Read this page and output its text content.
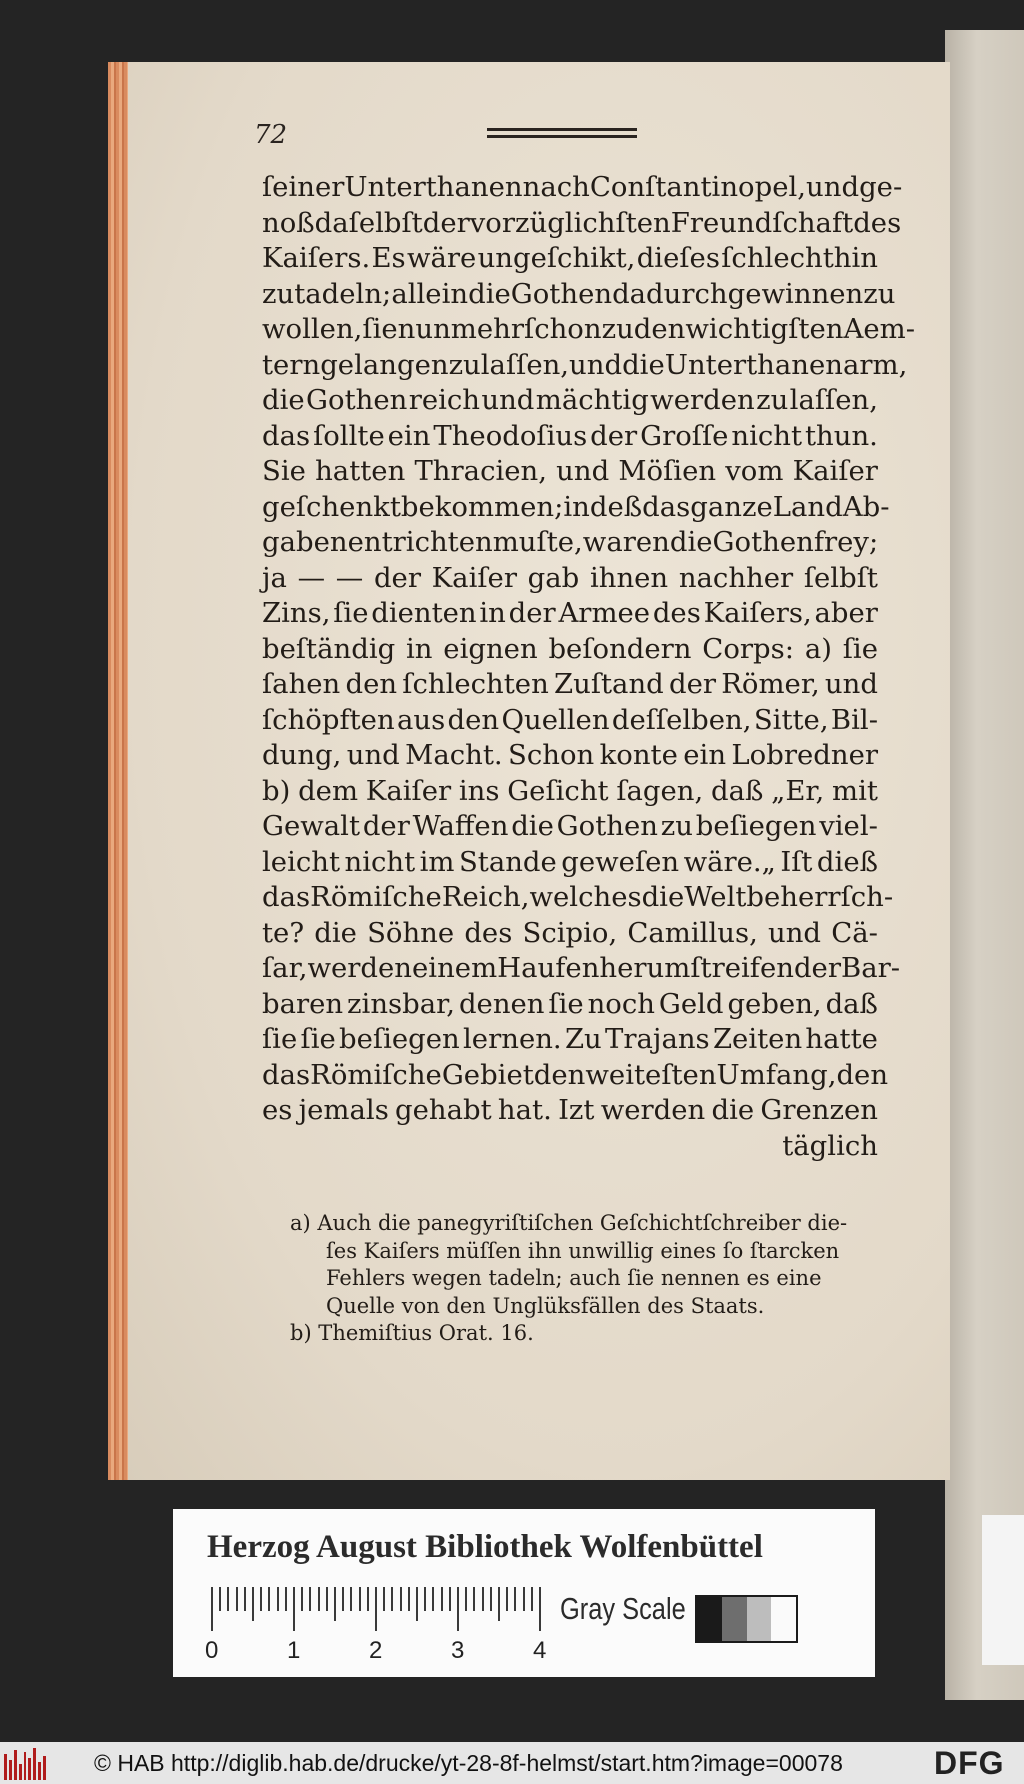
72
ſeiner Unterthanen nach Conſtantinopel, und ge-
noß daſelbſt der vorzüglichſten Freundſchaft des
Kaiſers. Es wäre ungeſchikt, dieſes ſchlechthin
zu tadeln; allein die Gothen dadurch gewinnen zu
wollen, ſie nunmehr ſchon zu den wichtigſten Aem-
tern gelangen zu laſſen, und die Unterthanen arm,
die Gothen reich und mächtig werden zu laſſen,
das ſollte ein Theodoſius der Groſſe nicht thun.
Sie hatten Thracien, und Möſien vom Kaiſer
geſchenkt bekommen; indeß das ganze Land Ab-
gaben entrichten muſte, waren die Gothen frey;
ja — — der Kaiſer gab ihnen nachher ſelbſt
Zins, ſie dienten in der Armee des Kaiſers, aber
beſtändig in eignen beſondern Corps: a) ſie
ſahen den ſchlechten Zuſtand der Römer, und
ſchöpften aus den Quellen deſſelben, Sitte, Bil-
dung, und Macht. Schon konte ein Lobredner
b) dem Kaiſer ins Geſicht ſagen, daß „Er, mit
Gewalt der Waffen die Gothen zu beſiegen viel-
leicht nicht im Stande geweſen wäre.„ Iſt dieß
das Römiſche Reich, welches die Welt beherrſch-
te? die Söhne des Scipio, Camillus, und Cä-
ſar, werden einem Haufen herumſtreifender Bar-
baren zinsbar, denen ſie noch Geld geben, daß
ſie ſie beſiegen lernen. Zu Trajans Zeiten hatte
das Römiſche Gebiet den weiteſten Umfang, den
es jemals gehabt hat. Izt werden die Grenzen
täglich
a) Auch die panegyriſtiſchen Geſchichtſchreiber die-
ſes Kaiſers müſſen ihn unwillig eines ſo ſtarcken
Fehlers wegen tadeln; auch ſie nennen es eine
Quelle von den Unglüksfällen des Staats.
b) Themiſtius Orat. 16.
Herzog August Bibliothek Wolfenbüttel
Gray Scale
0	1	2	3	4
© HAB http://diglib.hab.de/drucke/yt-28-8f-helmst/start.htm?image=00078	DFG
